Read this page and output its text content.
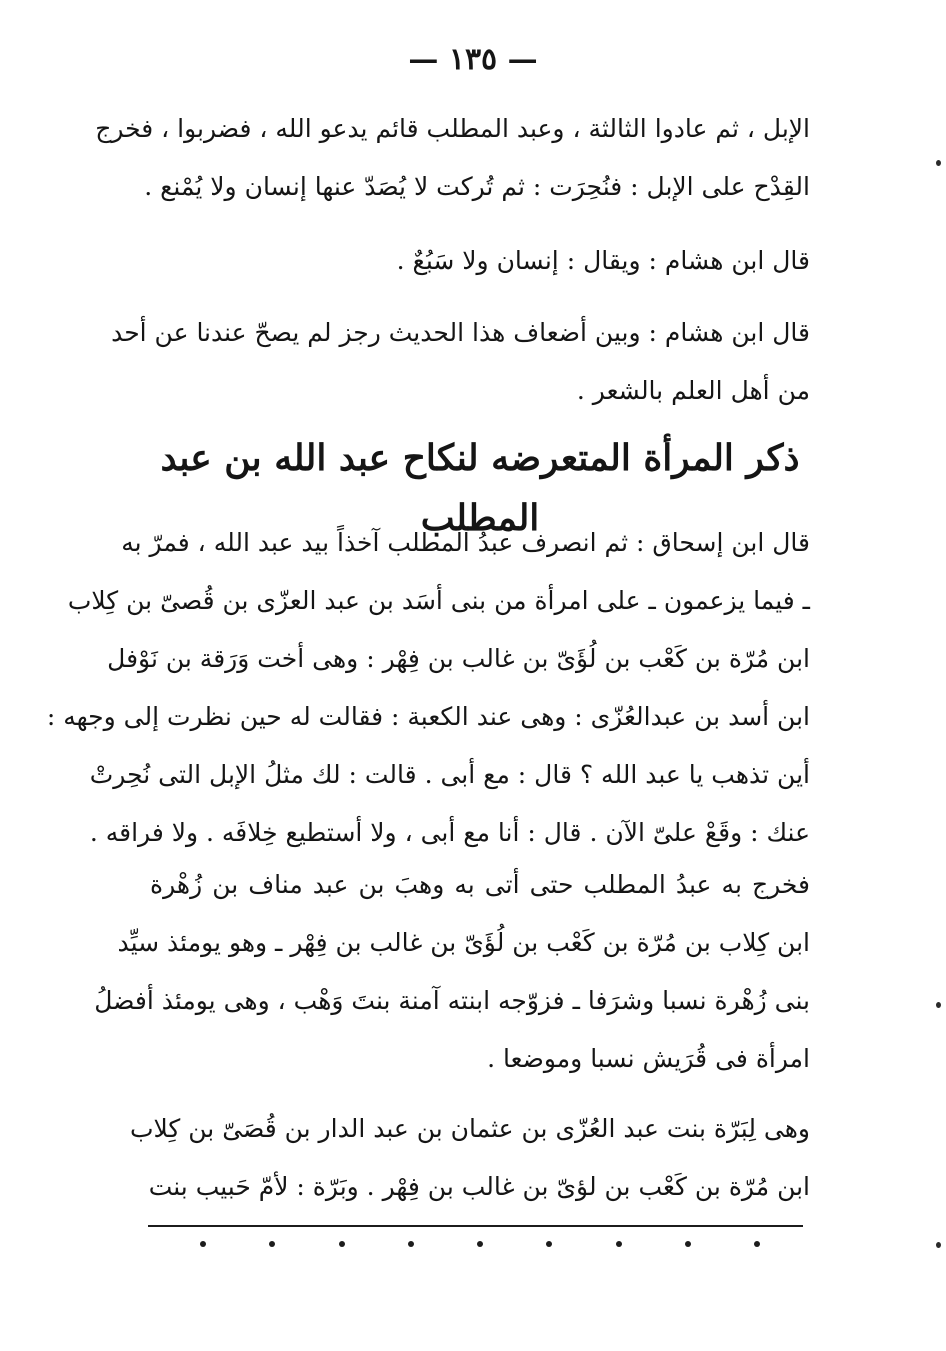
— ١٣٥ —
الإبل ، ثم عادوا الثالثة ، وعبد المطلب قائم يدعو الله ، فضربوا ، فخرج
القِدْح على الإبل : فنُحِرَت : ثم تُركت لا يُصَدّ عنها إنسان ولا يُمْنع .
قال ابن هشام : ويقال : إنسان ولا سَبُعٌ .
قال ابن هشام : وبين أضعاف هذا الحديث رجز لم يصحّ عندنا عن أحد
من أهل العلم بالشعر .
ذكر المرأة المتعرضه لنكاح عبد الله بن عبد المطلب
قال ابن إسحاق : ثم انصرف عبدُ المطلب آخذاً بيد عبد الله ، فمرّ به
ـ فيما يزعمون ـ على امرأة من بنى أسَد بن عبد العزّى بن قُصىّ بن كِلاب
ابن مُرّة بن كَعْب بن لُؤَىّ بن غالب بن فِهْر : وهى أخت وَرَقة بن نَوْفل
ابن أسد بن عبدالعُزّى : وهى عند الكعبة : فقالت له حين نظرت إلى وجهه :
أين تذهب يا عبد الله ؟ قال : مع أبى . قالت : لك مثلُ الإبل التى نُحِرتْ
عنك : وقَعْ علىّ الآن . قال : أنا مع أبى ، ولا أستطيع خِلافَه . ولا فراقه .
فخرج به عبدُ المطلب حتى أتى به وهبَ بن عبد مناف بن زُهْرة
ابن كِلاب بن مُرّة بن كَعْب بن لُؤَىّ بن غالب بن فِهْر ـ وهو يومئذ سيِّد
بنى زُهْرة نسبا وشرَفا ـ فزوّجه ابنته آمنة بنتَ وَهْب ، وهى يومئذ أفضلُ
امرأة فى قُرَيش نسبا وموضعا .
وهى لِبَرّة بنت عبد العُزّى بن عثمان بن عبد الدار بن قُصَىّ بن كِلاب
ابن مُرّة بن كَعْب بن لؤىّ بن غالب بن فِهْر . وبَرّة : لأمّ حَبيب بنت
